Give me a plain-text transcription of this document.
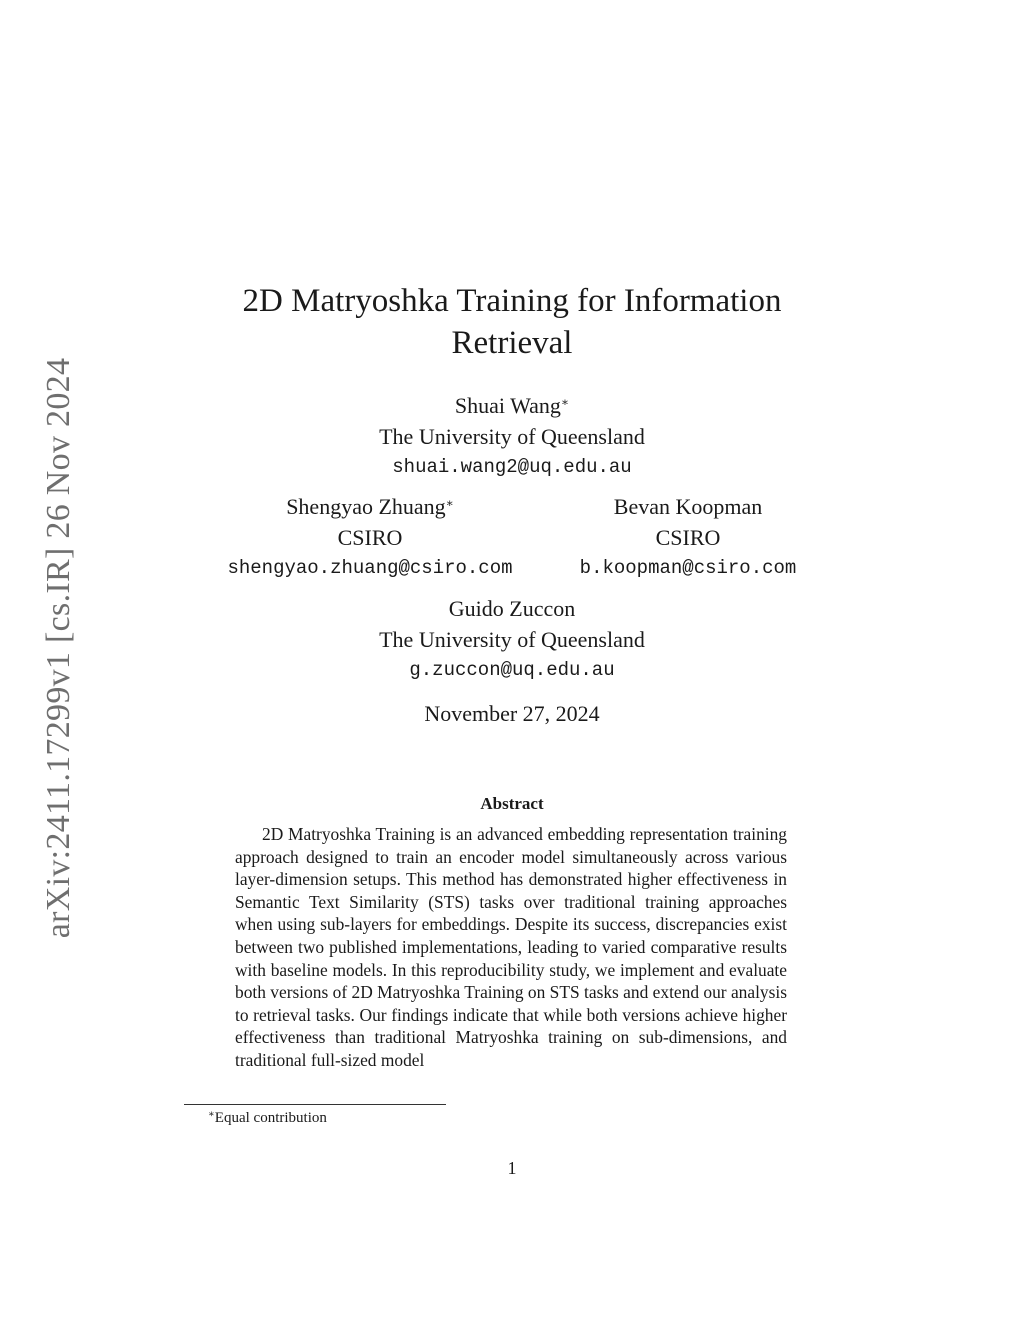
arXiv:2411.17299v1 [cs.IR] 26 Nov 2024
2D Matryoshka Training for Information Retrieval
Shuai Wang∗
The University of Queensland
shuai.wang2@uq.edu.au
Shengyao Zhuang∗
CSIRO
shengyao.zhuang@csiro.com
Bevan Koopman
CSIRO
b.koopman@csiro.com
Guido Zuccon
The University of Queensland
g.zuccon@uq.edu.au
November 27, 2024
Abstract

2D Matryoshka Training is an advanced embedding representation training approach designed to train an encoder model simultaneously across various layer-dimension setups. This method has demonstrated higher effectiveness in Semantic Text Similarity (STS) tasks over traditional training approaches when using sub-layers for embeddings. Despite its success, discrepancies exist between two published implementations, leading to varied comparative results with baseline models. In this reproducibility study, we implement and evaluate both versions of 2D Matryoshka Training on STS tasks and extend our analysis to retrieval tasks. Our findings indicate that while both versions achieve higher effectiveness than traditional Matryoshka training on sub-dimensions, and traditional full-sized model

∗Equal contribution
1
